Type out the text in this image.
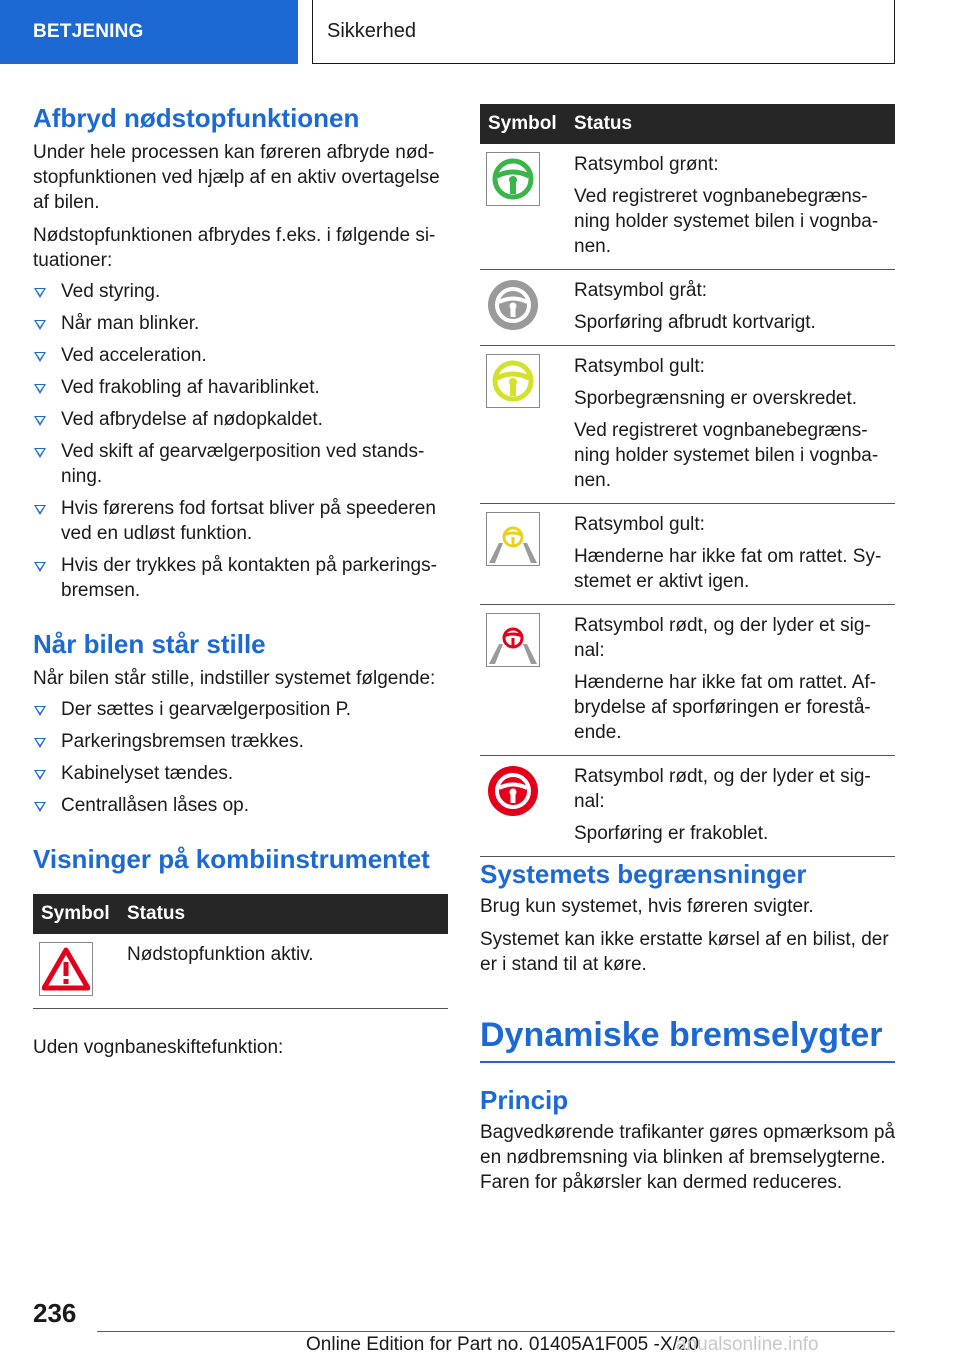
BETJENING	Sikkerhed
Afbryd nødstopfunktionen

Under hele processen kan føreren afbryde nød-stopfunktionen ved hjælp af en aktiv overtagelse af bilen.

Nødstopfunktionen afbrydes f.eks. i følgende si-tuationer:

Ved styring.
Når man blinker.
Ved acceleration.
Ved frakobling af havariblinket.
Ved afbrydelse af nødopkaldet.
Ved skift af gearvælgerposition ved stands-ning.
Hvis førerens fod fortsat bliver på speederen ved en udløst funktion.
Hvis der trykkes på kontakten på parkerings-bremsen.
Når bilen står stille

Når bilen står stille, indstiller systemet følgende:

Der sættes i gearvælgerposition P.
Parkeringsbremsen trækkes.
Kabinelyset tændes.
Centrallåsen låses op.
Visninger på kombiinstrumentet
Symbol	Status

	Nødstopfunktion aktiv.

Uden vognbaneskiftefunktion:

Symbol	Status

Ratsymbol grønt:
Ved registreret vognbanebegræns-
ning holder systemet bilen i vognba-
nen.

Ratsymbol gråt:
Sporføring afbrudt kortvarigt.

Ratsymbol gult:
Sporbegrænsning er overskredet.
Ved registreret vognbanebegræns-
ning holder systemet bilen i vognba-
nen.

Ratsymbol gult:
Hænderne har ikke fat om rattet. Sy-
stemet er aktivt igen.

Ratsymbol rødt, og der lyder et sig-
nal:
Hænderne har ikke fat om rattet. Af-
brydelse af sporføringen er forestå-
ende.

Ratsymbol rødt, og der lyder et sig-
nal:
Sporføring er frakoblet.
Systemets begrænsninger

Brug kun systemet, hvis føreren svigter.

Systemet kan ikke erstatte kørsel af en bilist, der er i stand til at køre.

Dynamiske bremselygter
Princip

Bagvedkørende trafikanter gøres opmærksom på en nødbremsning via blinken af bremselygterne. Faren for påkørsler kan dermed reduceres.

236
Online Edition for Part no. 01405A1F005 -X/20
anualsonline.info
